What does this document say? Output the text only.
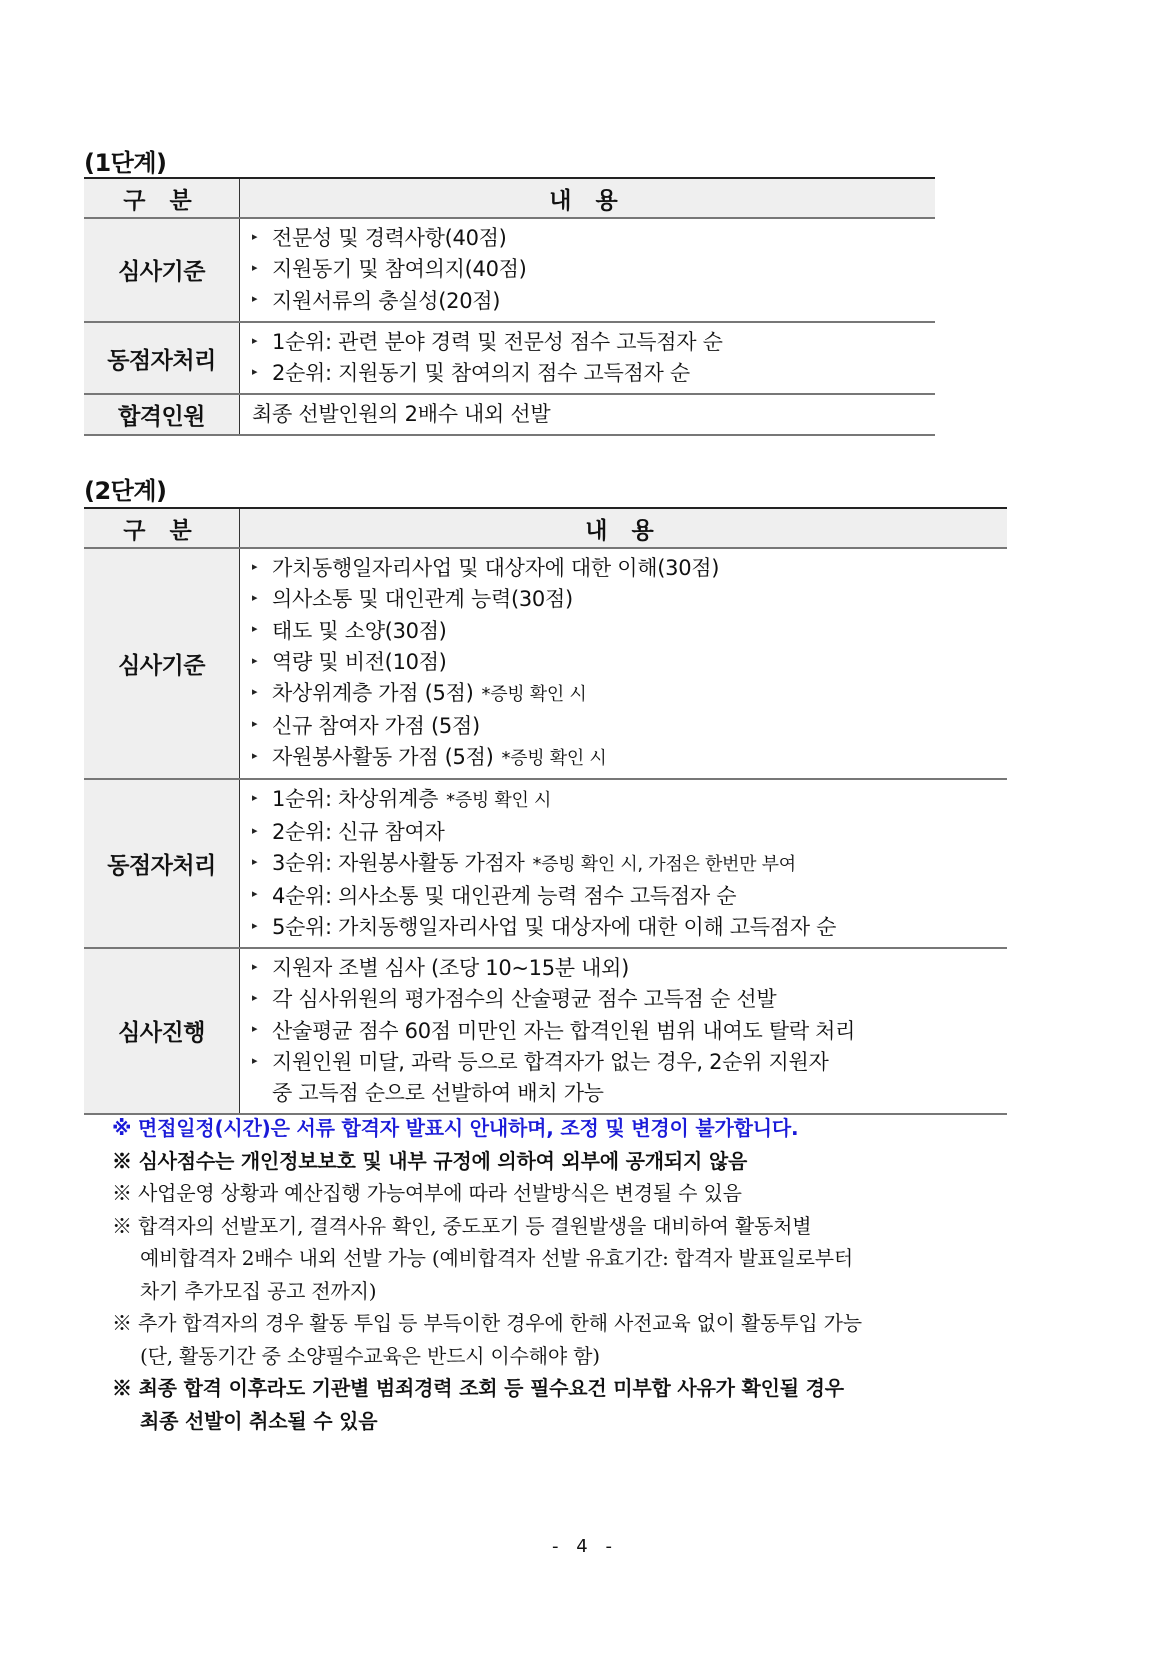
(1단계)
구 분	내 용
심사기준	▸ 전문성 및 경력사항(40점)
▸ 지원동기 및 참여의지(40점)
▸ 지원서류의 충실성(20점)

동점자처리	▸ 1순위: 관련 분야 경력 및 전문성 점수 고득점자 순
▸ 2순위: 지원동기 및 참여의지 점수 고득점자 순

합격인원	최종 선발인원의 2배수 내외 선발
(2단계)
구 분	내 용
심사기준	
▸ 가치동행일자리사업 및 대상자에 대한 이해(30점)
▸ 의사소통 및 대인관계 능력(30점)
▸ 태도 및 소양(30점)
▸ 역량 및 비전(10점)
▸ 차상위계층 가점 (5점) *증빙 확인 시
▸ 신규 참여자 가점 (5점)
▸ 자원봉사활동 가점 (5점) *증빙 확인 시

동점자처리	▸ 1순위: 차상위계층 *증빙 확인 시
▸ 2순위: 신규 참여자
▸ 3순위: 자원봉사활동 가점자 *증빙 확인 시, 가점은 한번만 부여
▸ 4순위: 의사소통 및 대인관계 능력 점수 고득점자 순
▸ 5순위: 가치동행일자리사업 및 대상자에 대한 이해 고득점자 순

심사진행	▸ 지원자 조별 심사 (조당 10~15분 내외)
▸ 각 심사위원의 평가점수의 산술평균 점수 고득점 순 선발
▸ 산술평균 점수 60점 미만인 자는 합격인원 범위 내여도 탈락 처리
▸ 지원인원 미달, 과락 등으로 합격자가 없는 경우, 2순위 지원자
중 고득점 순으로 선발하여 배치 가능
※ 면접일정(시간)은 서류 합격자 발표시 안내하며, 조정 및 변경이 불가합니다.
※ 심사점수는 개인정보보호 및 내부 규정에 의하여 외부에 공개되지 않음
※ 사업운영 상황과 예산집행 가능여부에 따라 선발방식은 변경될 수 있음
※ 합격자의 선발포기, 결격사유 확인, 중도포기 등 결원발생을 대비하여 활동처별
예비합격자 2배수 내외 선발 가능 (예비합격자 선발 유효기간: 합격자 발표일로부터
차기 추가모집 공고 전까지)
※ 추가 합격자의 경우 활동 투입 등 부득이한 경우에 한해 사전교육 없이 활동투입 가능
(단, 활동기간 중 소양필수교육은 반드시 이수해야 함)
※ 최종 합격 이후라도 기관별 범죄경력 조회 등 필수요건 미부합 사유가 확인될 경우
최종 선발이 취소될 수 있음
- 4 -
